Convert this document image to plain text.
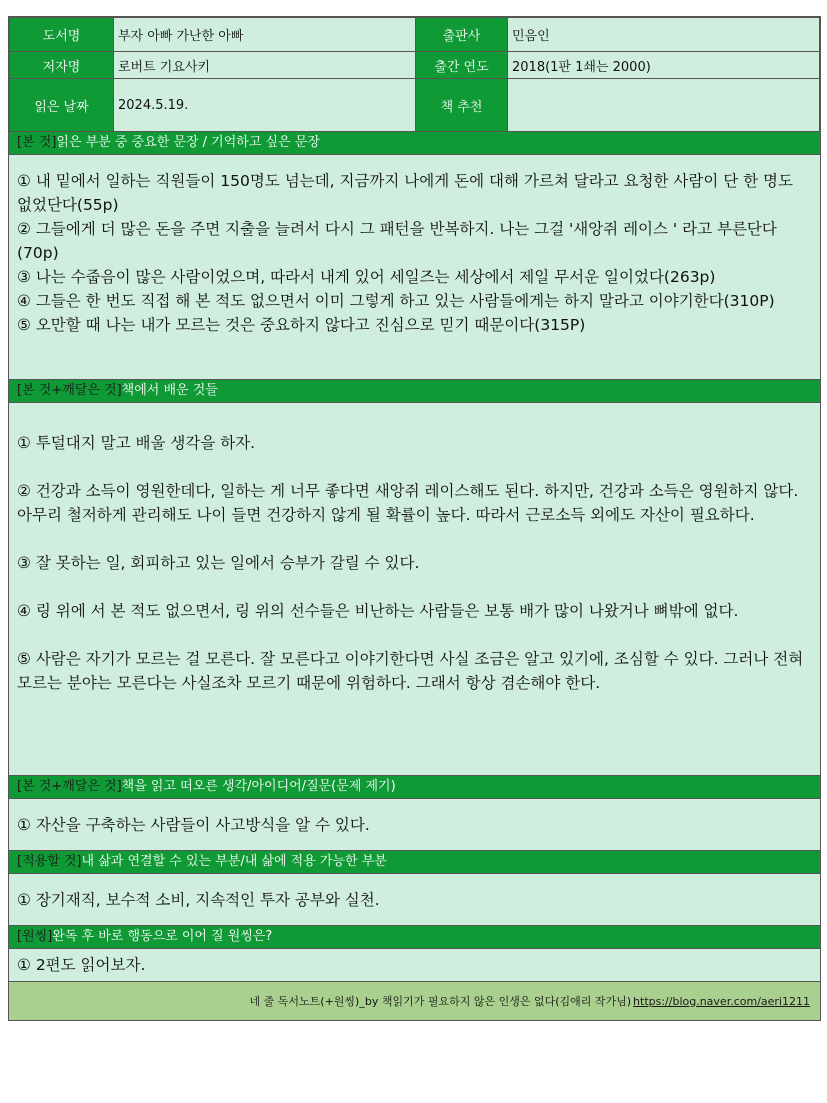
도서명	부자 아빠 가난한 아빠	출판사	민음인
저자명	로버트 기요사키	출간 연도	2018(1판 1쇄는 2000)
읽은 날짜	2024.5.19.	책 추천	
[본 것]읽은 부분 중 중요한 문장 / 기억하고 싶은 문장

① 내 밑에서 일하는 직원들이 150명도 넘는데, 지금까지 나에게 돈에 대해 가르쳐 달라고 요청한 사람이 단 한 명도 없었단다(55p)

② 그들에게 더 많은 돈을 주면 지출을 늘려서 다시 그 패턴을 반복하지. 나는 그걸 '새앙쥐 레이스 ' 라고 부른단다(70p)

③ 나는 수줍음이 많은 사람이었으며, 따라서 내게 있어 세일즈는 세상에서 제일 무서운 일이었다(263p)

④ 그들은 한 번도 직접 해 본 적도 없으면서 이미 그렇게 하고 있는 사람들에게는 하지 말라고 이야기한다(310P)

⑤ 오만할 때 나는 내가 모르는 것은 중요하지 않다고 진심으로 믿기 때문이다(315P)

[본 것+깨달은 것]책에서 배운 것들

① 투덜대지 말고 배울 생각을 하자.

② 건강과 소득이 영원한데다, 일하는 게 너무 좋다면 새앙쥐 레이스해도 된다. 하지만, 건강과 소득은 영원하지 않다. 아무리 철저하게 관리해도 나이 들면 건강하지 않게 될 확률이 높다. 따라서 근로소득 외에도 자산이 필요하다.

③ 잘 못하는 일, 회피하고 있는 일에서 승부가 갈릴 수 있다.

④ 링 위에 서 본 적도 없으면서, 링 위의 선수들은 비난하는 사람들은 보통 배가 많이 나왔거나 뼈밖에 없다.

⑤ 사람은 자기가 모르는 걸 모른다. 잘 모른다고 이야기한다면 사실 조금은 알고 있기에, 조심할 수 있다. 그러나 전혀 모르는 분야는 모른다는 사실조차 모르기 때문에 위험하다. 그래서 항상 겸손해야 한다.

[본 것+깨달은 것]책을 읽고 떠오른 생각/아이디어/질문(문제 제기)

① 자산을 구축하는 사람들이 사고방식을 알 수 있다.

[적용할 것]내 삶과 연결할 수 있는 부분/내 삶에 적용 가능한 부분

① 장기재직, 보수적 소비, 지속적인 투자 공부와 실천.

[원씽]완독 후 바로 행동으로 이어 질 원씽은?

① 2편도 읽어보자.

네 줄 독서노트(+원씽)_by 책읽기가 필요하지 않은 인생은 없다(김애리 작가님) https://blog.naver.com/aeri1211
